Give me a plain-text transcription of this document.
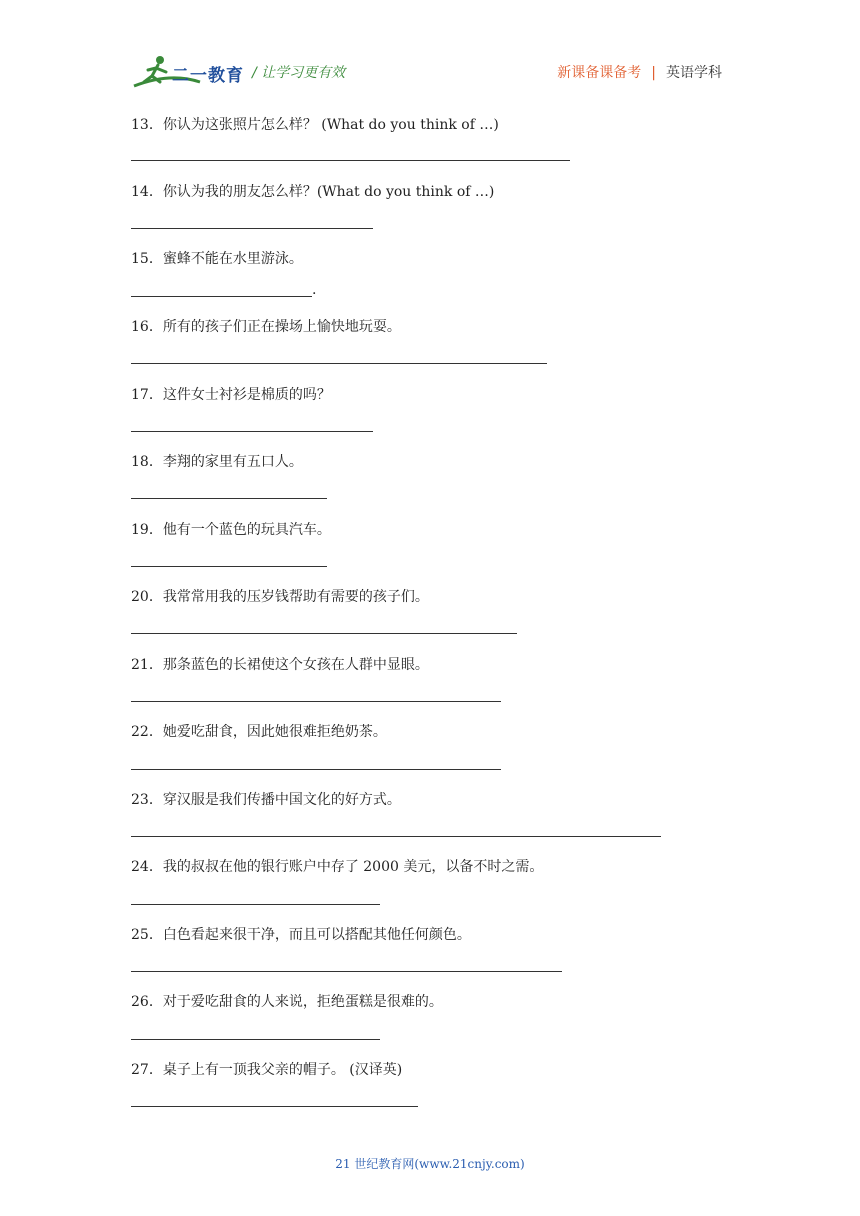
二一教育 / 让学习更有效	新课备课备考 | 英语学科
13．你认为这张照片怎么样？ (What do you think of …)
14．你认为我的朋友怎么样？(What do you think of …)
15．蜜蜂不能在水里游泳。
.
16．所有的孩子们正在操场上愉快地玩耍。
17．这件女士衬衫是棉质的吗？
18．李翔的家里有五口人。
19．他有一个蓝色的玩具汽车。
20．我常常用我的压岁钱帮助有需要的孩子们。
21．那条蓝色的长裙使这个女孩在人群中显眼。
22．她爱吃甜食，因此她很难拒绝奶茶。
23．穿汉服是我们传播中国文化的好方式。
24．我的叔叔在他的银行账户中存了 2000 美元，以备不时之需。
25．白色看起来很干净，而且可以搭配其他任何颜色。
26．对于爱吃甜食的人来说，拒绝蛋糕是很难的。
27．桌子上有一顶我父亲的帽子。 (汉译英)
21 世纪教育网(www.21cnjy.com)
